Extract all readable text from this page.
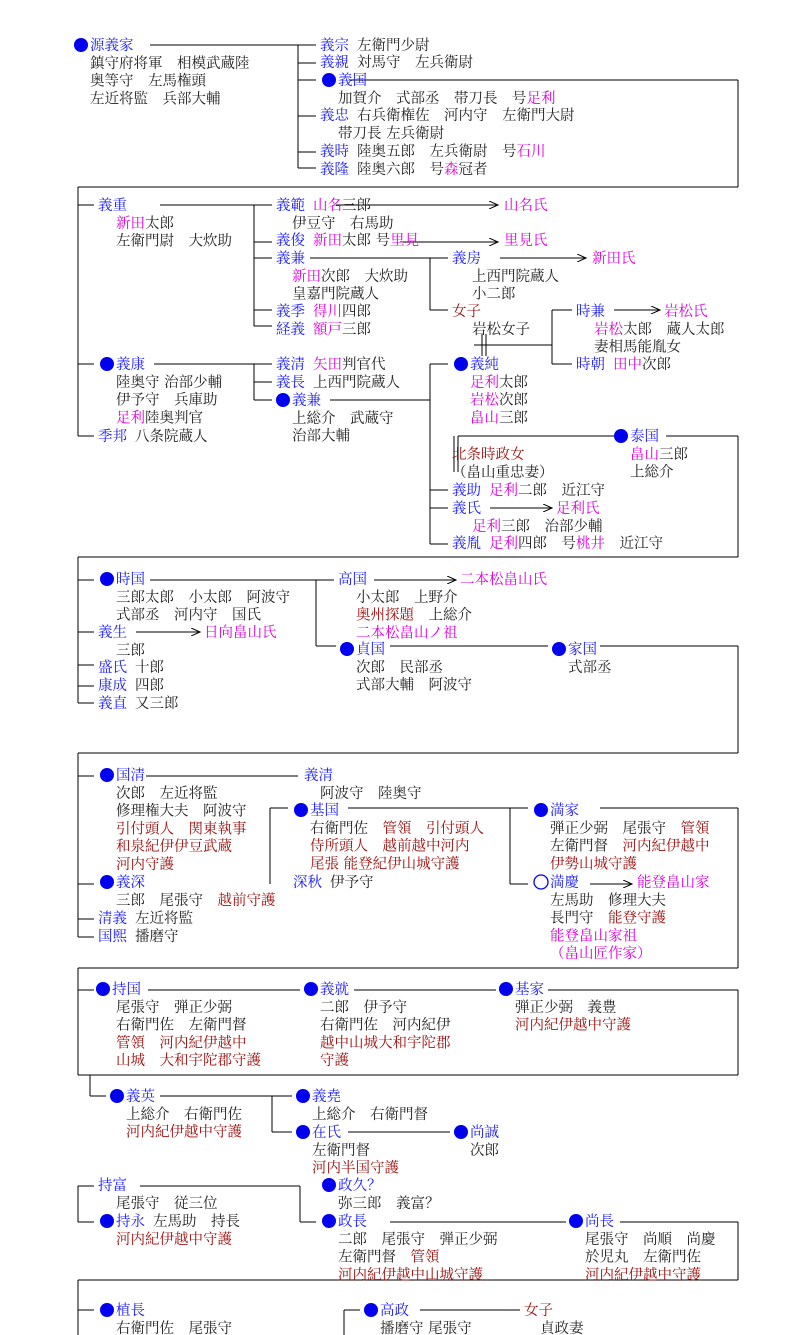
源義家
鎮守府将軍　相模武蔵陸
奥等守　左馬権頭
左近将監　兵部大輔
義宗 左衛門少尉
義親 対馬守　左兵衛尉
義国
加賀介　式部丞　帯刀長　号足利
義忠 右兵衛権佐　河内守　左衛門大尉
帯刀長 左兵衛尉
義時 陸奥五郎　左兵衛尉　号石川
義隆 陸奥六郎　号森冠者
義重
新田太郎
左衛門尉　大炊助
義範 山名三郎
伊豆守　右馬助
山名氏
義俊 新田太郎 号里見	里見氏
義兼
新田次郎　大炊助
皇嘉門院蔵人
義房
上西門院蔵人
小二郎
新田氏
義季 得川四郎
経義 額戸三郎
女子
岩松女子
時兼
岩松太郎　蔵人太郎
妻相馬能胤女
岩松氏
時朝 田中次郎
義康
陸奥守 治部少輔
伊予守　兵庫助
足利陸奥判官
季邦 八条院蔵人
義清 矢田判官代
義長 上西門院蔵人
義兼
上総介　武蔵守
治部大輔
義純
足利太郎
岩松次郎
畠山三郎
北条時政女
（畠山重忠妻）
泰国
畠山三郎
上総介
義助 足利二郎　近江守
義氏
足利三郎　治部少輔
足利氏
義胤 足利四郎　号桃井　近江守
時国
三郎太郎　小太郎　阿波守
式部丞　河内守　国氏
高国
小太郎　上野介
奥州探題　上総介
二本松畠山ノ祖
二本松畠山氏
義生
三郎
日向畠山氏
貞国
次郎　民部丞
式部大輔　阿波守
家国
式部丞
盛氏 十郎
康成 四郎
義直 又三郎
国清
次郎　左近将監
修理権大夫　阿波守
引付頭人　関東執事
和泉紀伊伊豆武蔵
河内守護
義清
阿波守　陸奥守
基国
右衛門佐　管領　引付頭人
侍所頭人　越前越中河内
尾張 能登紀伊山城守護
満家
弾正少弼　尾張守　管領
左衛門督　河内紀伊越中
伊勢山城守護
義深
三郎　尾張守　越前守護
深秋 伊予守	満慶
左馬助　修理大夫
長門守　能登守護
能登畠山家祖
（畠山匠作家）
能登畠山家
清義 左近将監
国熙 播磨守
持国
尾張守　弾正少弼
右衛門佐　左衛門督
管領　河内紀伊越中
山城　大和宇陀郡守護
義就
二郎　伊予守
右衛門佐　河内紀伊
越中山城大和宇陀郡
守護
基家
弾正少弼　義豊
河内紀伊越中守護
義英
上総介　右衛門佐
河内紀伊越中守護
義堯
上総介　右衛門督
在氏
左衛門督
河内半国守護
尚誠
次郎
持富
尾張守　従三位
政久？
弥三郎　義富？
持永 左馬助　持長
河内紀伊越中守護
政長
二郎　尾張守　弾正少弼
左衛門督　管領
河内紀伊越中山城守護
尚長
尾張守　尚順　尚慶
於児丸　左衛門佐
河内紀伊越中守護
植長
右衛門佐　尾張守
高政
播磨守 尾張守
女子
貞政妻
